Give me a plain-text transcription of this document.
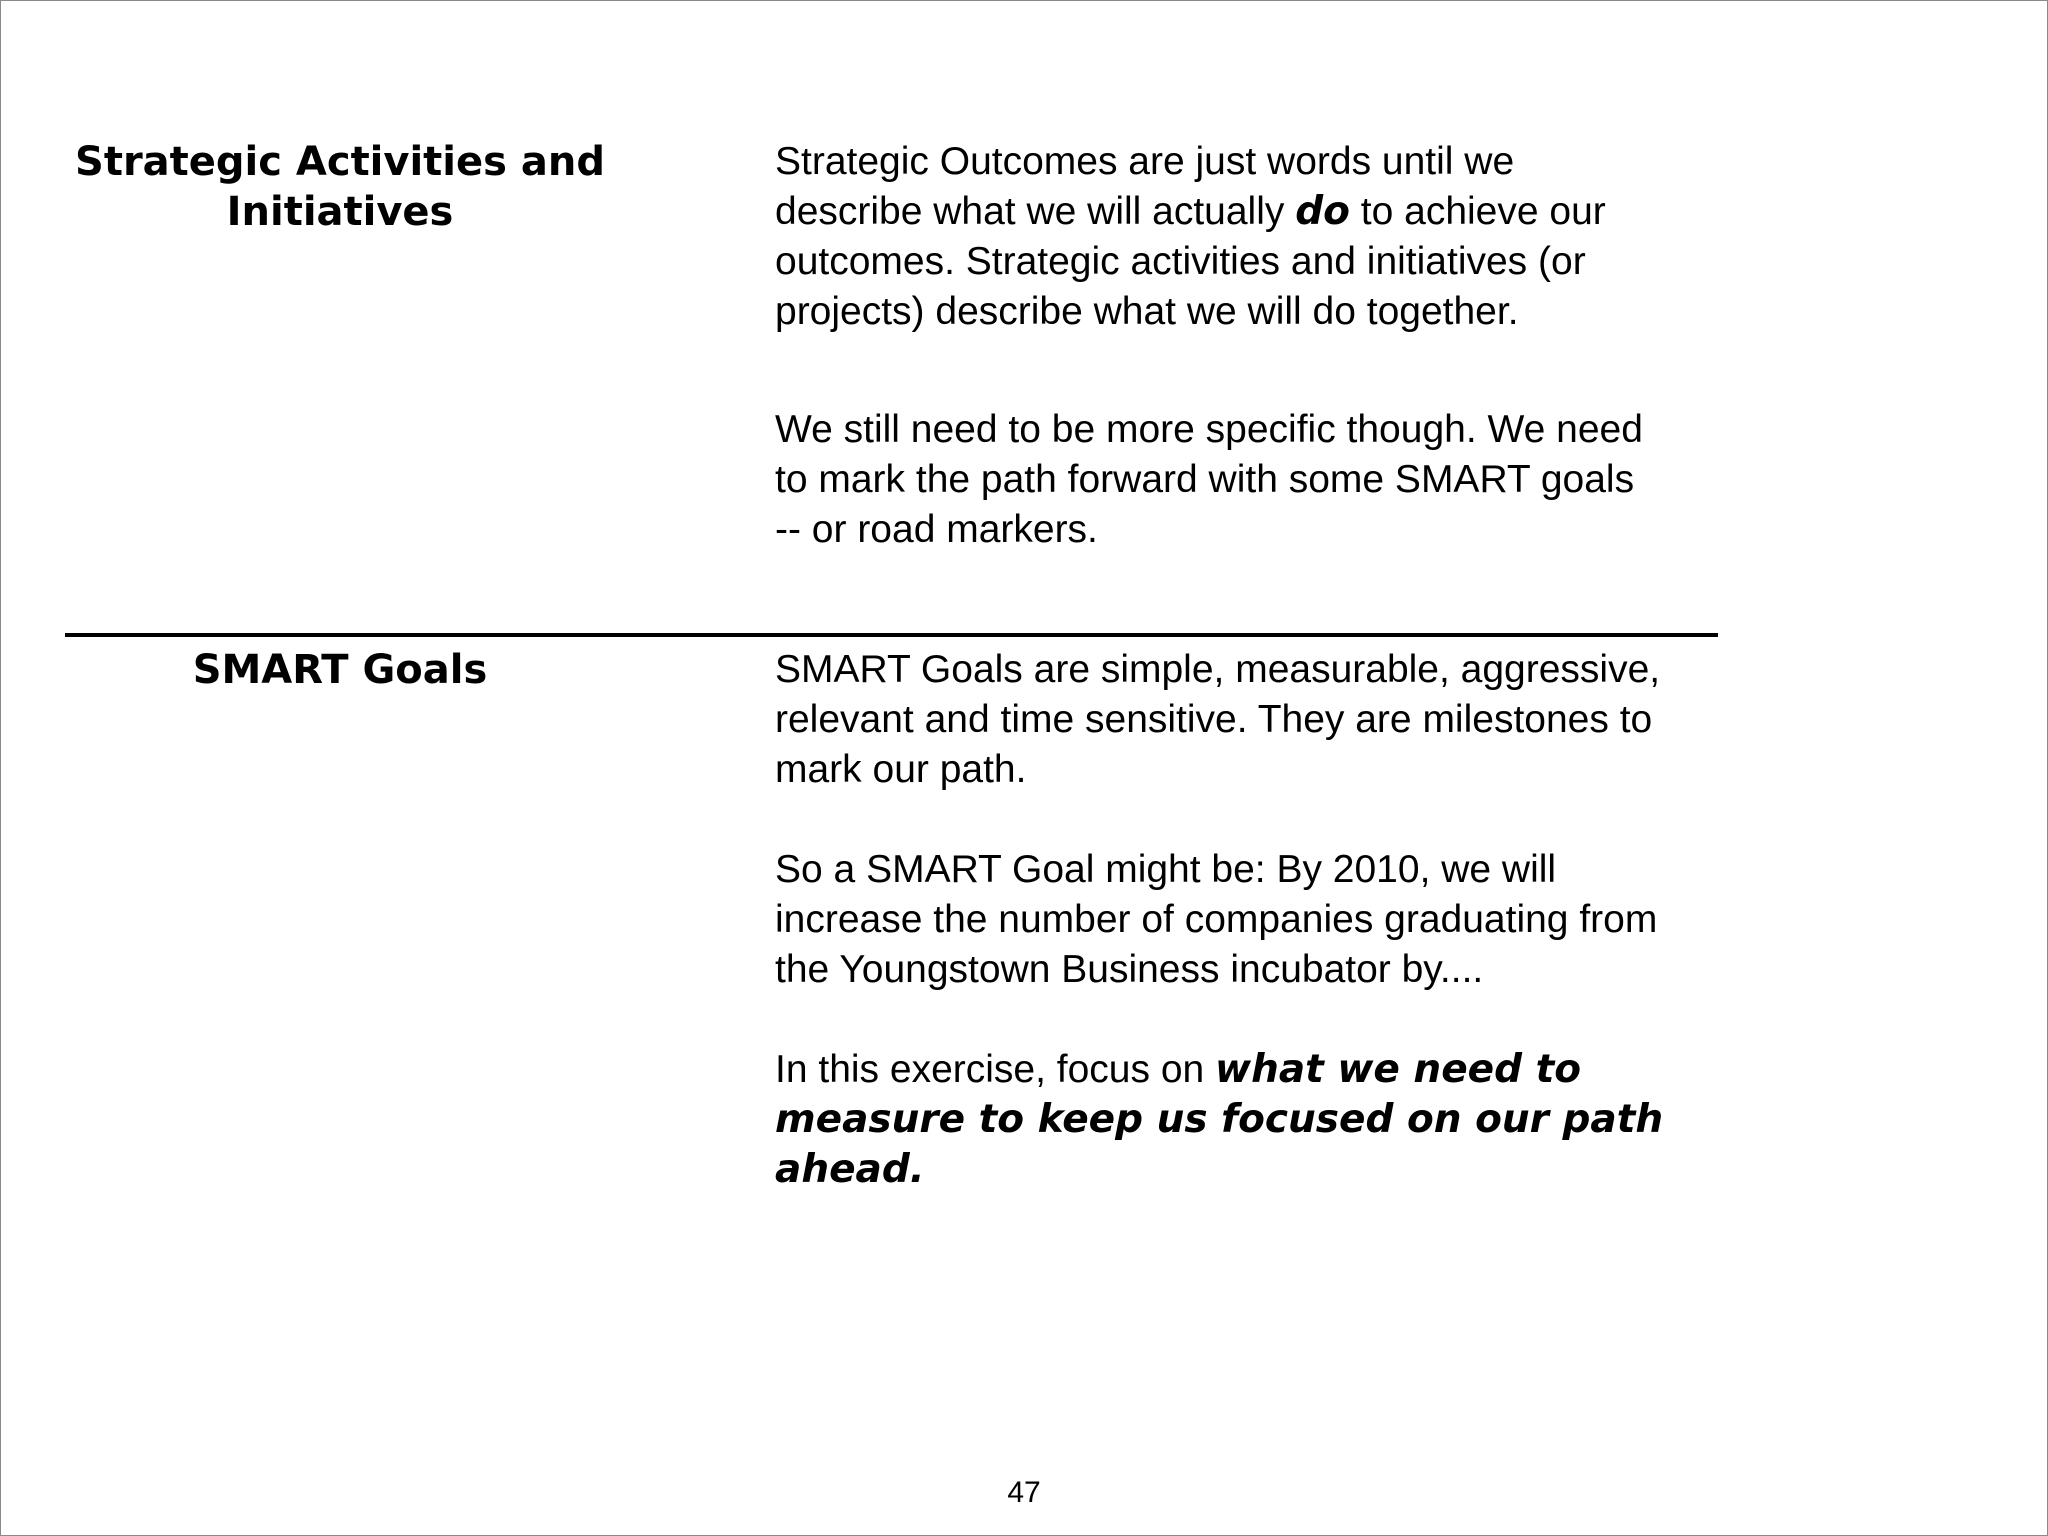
Strategic Activities and
Initiatives
Strategic Outcomes are just words until we
describe what we will actually do to achieve our
outcomes. Strategic activities and initiatives (or
projects) describe what we will do together.
We still need to be more specific though. We need
to mark the path forward with some SMART goals
-- or road markers.
SMART Goals	SMART Goals are simple, measurable, aggressive,
relevant and time sensitive. They are milestones to
mark our path.
So a SMART Goal might be: By 2010, we will
increase the number of companies graduating from
the Youngstown Business incubator by....
In this exercise, focus on what we need to
measure to keep us focused on our path
ahead.
47
